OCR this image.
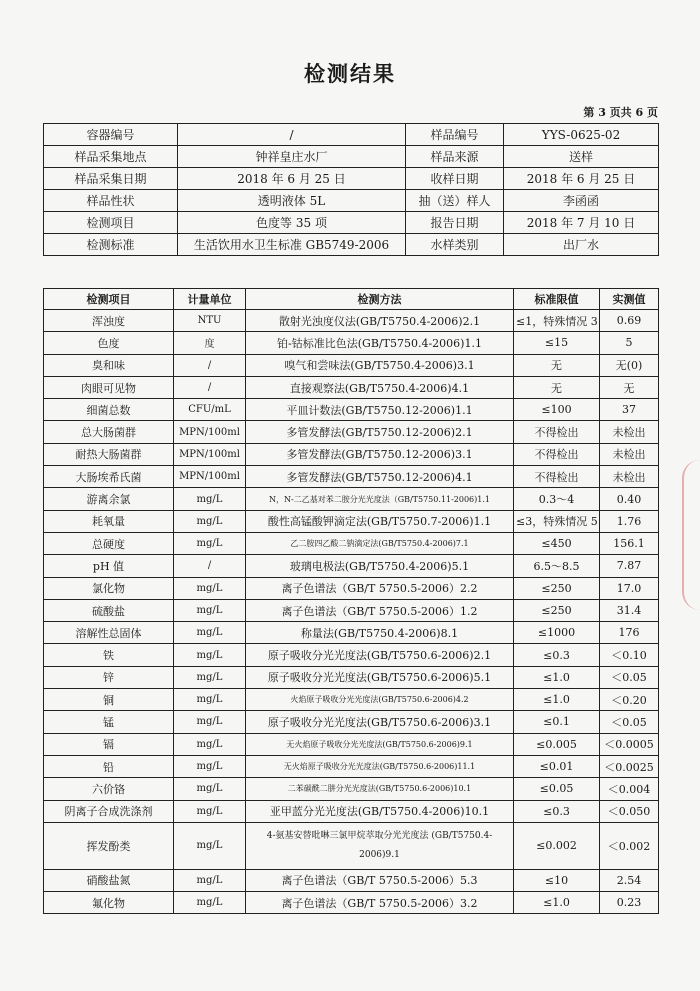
检测结果
第 3 页共 6 页
容器编号	/	样品编号	YYS-0625-02
样品采集地点	钟祥皇庄水厂	样品来源	送样
样品采集日期	2018 年 6 月 25 日	收样日期	2018 年 6 月 25 日
样品性状	透明液体 5L	抽（送）样人	李函函
检测项目	色度等 35 项	报告日期	2018 年 7 月 10 日
检测标准	生活饮用水卫生标准 GB5749-2006	水样类别	出厂水
检测项目	计量单位	检测方法	标准限值	实测值
浑浊度	NTU	散射光浊度仪法(GB/T5750.4-2006)2.1	≤1，特殊情况 3	0.69
色度	度	铂-钴标准比色法(GB/T5750.4-2006)1.1	≤15	5
臭和味	/	嗅气和尝味法(GB/T5750.4-2006)3.1	无	无(0)
肉眼可见物	/	直接观察法(GB/T5750.4-2006)4.1	无	无
细菌总数	CFU/mL	平皿计数法(GB/T5750.12-2006)1.1	≤100	37
总大肠菌群	MPN/100ml	多管发酵法(GB/T5750.12-2006)2.1	不得检出	未检出
耐热大肠菌群	MPN/100ml	多管发酵法(GB/T5750.12-2006)3.1	不得检出	未检出
大肠埃希氏菌	MPN/100ml	多管发酵法(GB/T5750.12-2006)4.1	不得检出	未检出
游离余氯	mg/L	N，N-二乙基对苯二胺分光光度法（GB/T5750.11-2006)1.1	0.3～4	0.40
耗氧量	mg/L	酸性高锰酸钾滴定法(GB/T5750.7-2006)1.1	≤3，特殊情况 5	1.76
总硬度	mg/L	乙二胺四乙酸二钠滴定法(GB/T5750.4-2006)7.1	≤450	156.1
pH 值	/	玻璃电极法(GB/T5750.4-2006)5.1	6.5～8.5	7.87
氯化物	mg/L	离子色谱法（GB/T 5750.5-2006）2.2	≤250	17.0
硫酸盐	mg/L	离子色谱法（GB/T 5750.5-2006）1.2	≤250	31.4
溶解性总固体	mg/L	称量法(GB/T5750.4-2006)8.1	≤1000	176
铁	mg/L	原子吸收分光光度法(GB/T5750.6-2006)2.1	≤0.3	＜0.10
锌	mg/L	原子吸收分光光度法(GB/T5750.6-2006)5.1	≤1.0	＜0.05
铜	mg/L	火焰原子吸收分光光度法(GB/T5750.6-2006)4.2	≤1.0	＜0.20
锰	mg/L	原子吸收分光光度法(GB/T5750.6-2006)3.1	≤0.1	＜0.05
镉	mg/L	无火焰原子吸收分光光度法(GB/T5750.6-2006)9.1	≤0.005	＜0.0005
铅	mg/L	无火焰原子吸收分光光度法(GB/T5750.6-2006)11.1	≤0.01	＜0.0025
六价铬	mg/L	二苯碳酰二肼分光光度法(GB/T5750.6-2006)10.1	≤0.05	＜0.004
阴离子合成洗涤剂	mg/L	亚甲蓝分光光度法(GB/T5750.4-2006)10.1	≤0.3	＜0.050
挥发酚类	mg/L	4-氨基安替吡啉三氯甲烷萃取分光光度法 (GB/T5750.4-2006)9.1	≤0.002	＜0.002
硝酸盐氮	mg/L	离子色谱法（GB/T 5750.5-2006）5.3	≤10	2.54
氟化物	mg/L	离子色谱法（GB/T 5750.5-2006）3.2	≤1.0	0.23
